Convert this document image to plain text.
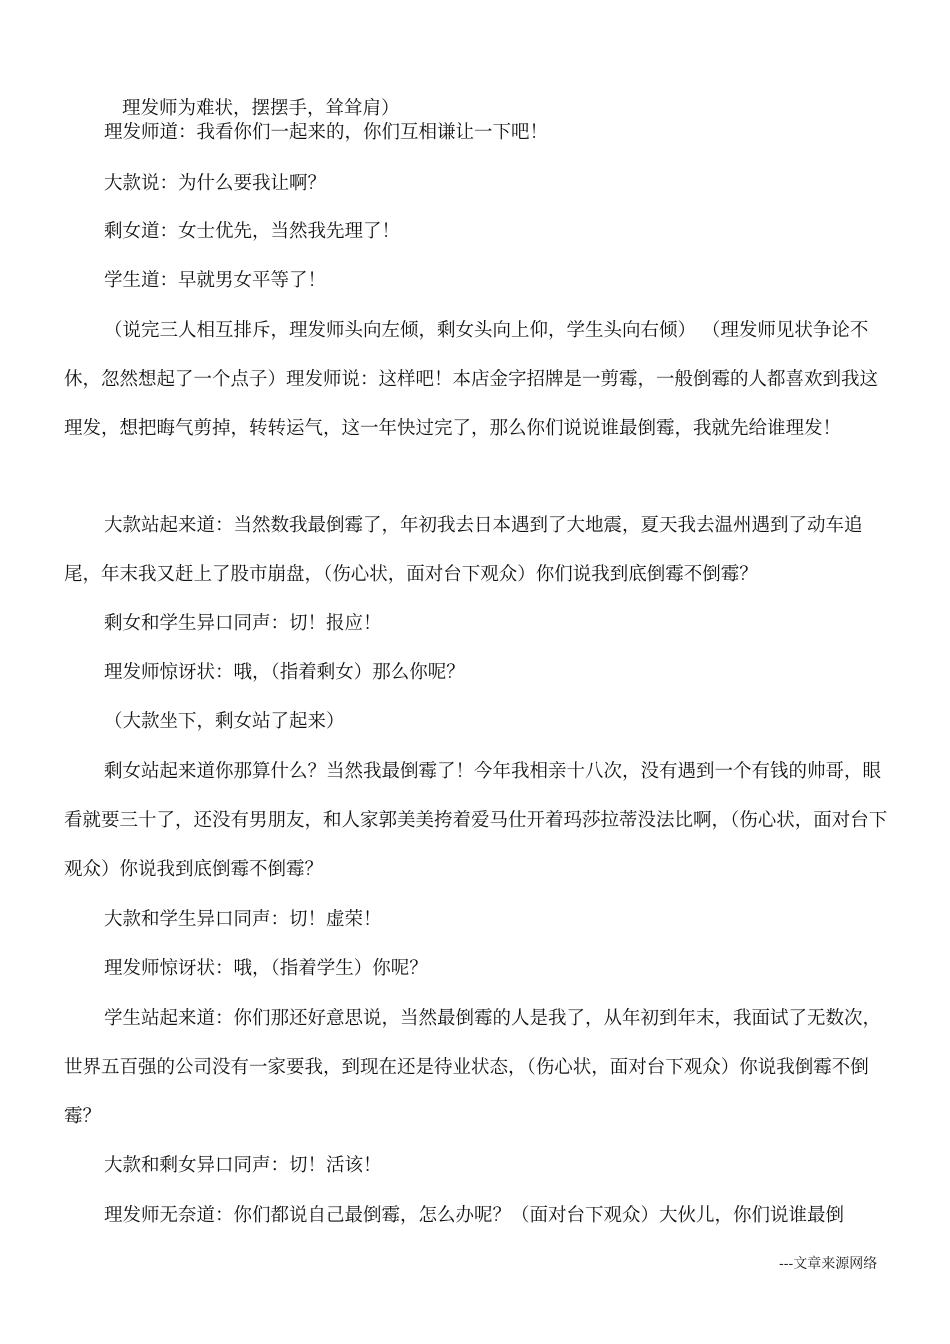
理发师为难状，摆摆手，耸耸肩）
理发师道：我看你们一起来的，你们互相谦让一下吧！

大款说：为什么要我让啊？

剩女道：女士优先，当然我先理了！

学生道：早就男女平等了！

（说完三人相互排斥，理发师头向左倾，剩女头向上仰，学生头向右倾） （理发师见状争论不休，忽然想起了一个点子）理发师说：这样吧！本店金字招牌是一剪霉，一般倒霉的人都喜欢到我这理发，想把晦气剪掉，转转运气，这一年快过完了，那么你们说说谁最倒霉，我就先给谁理发！

大款站起来道：当然数我最倒霉了，年初我去日本遇到了大地震，夏天我去温州遇到了动车追尾，年末我又赶上了股市崩盘，（伤心状，面对台下观众）你们说我到底倒霉不倒霉？

剩女和学生异口同声：切！报应！

理发师惊讶状：哦，（指着剩女）那么你呢？

（大款坐下，剩女站了起来）

剩女站起来道你那算什么？当然我最倒霉了！今年我相亲十八次，没有遇到一个有钱的帅哥，眼看就要三十了，还没有男朋友，和人家郭美美挎着爱马仕开着玛莎拉蒂没法比啊，（伤心状，面对台下观众）你说我到底倒霉不倒霉？

大款和学生异口同声：切！虚荣！

理发师惊讶状：哦，（指着学生）你呢？

学生站起来道：你们那还好意思说，当然最倒霉的人是我了，从年初到年末，我面试了无数次，世界五百强的公司没有一家要我，到现在还是待业状态，（伤心状，面对台下观众）你说我倒霉不倒霉？

大款和剩女异口同声：切！活该！

理发师无奈道：你们都说自己最倒霉，怎么办呢？（面对台下观众）大伙儿，你们说谁最倒

---文章来源网络
